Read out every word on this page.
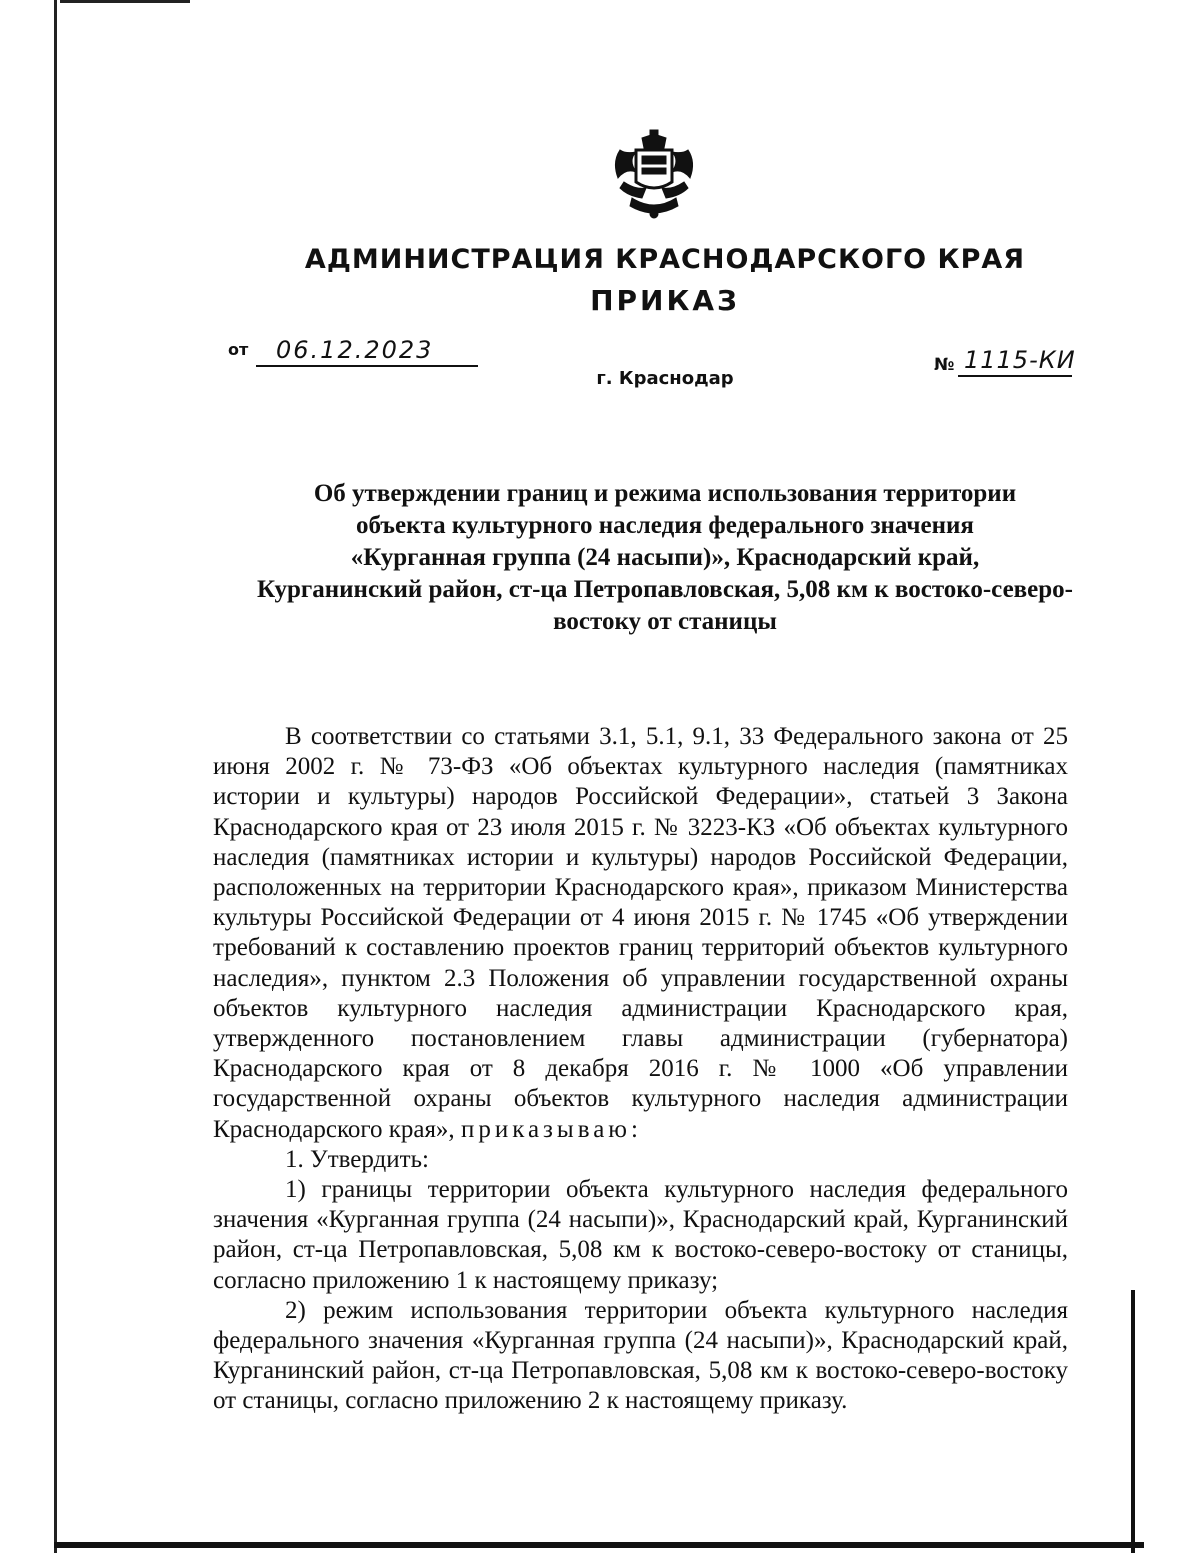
АДМИНИСТРАЦИЯ КРАСНОДАРСКОГО КРАЯ
ПРИКАЗ
от 06.12.2023
г. Краснодар
№ 1115-КИ
Об утверждении границ и режима использования территории
объекта культурного наследия федерального значения
«Курганная группа (24 насыпи)», Краснодарский край,
Курганинский район, ст-ца Петропавловская, 5,08 км к востоко-северо-
востоку от станицы

В соответствии со статьями 3.1, 5.1, 9.1, 33 Федерального закона от 25 июня 2002 г. № 73-ФЗ «Об объектах культурного наследия (памятниках истории и культуры) народов Российской Федерации», статьей 3 Закона Краснодарского края от 23 июля 2015 г. № 3223-КЗ «Об объектах культурного наследия (памятниках истории и культуры) народов Российской Федерации, расположенных на территории Краснодарского края», приказом Министерства культуры Российской Федерации от 4 июня 2015 г. № 1745 «Об утверждении требований к составлению проектов границ территорий объектов культурного наследия», пунктом 2.3 Положения об управлении государственной охраны объектов культурного наследия администрации Краснодарского края, утвержденного постановлением главы администрации (губернатора) Краснодарского края от 8 декабря 2016 г. № 1000 «Об управлении государственной охраны объектов культурного наследия администрации Краснодарского края», приказываю:

1. Утвердить:

1) границы территории объекта культурного наследия федерального значения «Курганная группа (24 насыпи)», Краснодарский край, Курганинский район, ст-ца Петропавловская, 5,08 км к востоко-северо-востоку от станицы, согласно приложению 1 к настоящему приказу;

2) режим использования территории объекта культурного наследия федерального значения «Курганная группа (24 насыпи)», Краснодарский край, Курганинский район, ст-ца Петропавловская, 5,08 км к востоко-северо-востоку от станицы, согласно приложению 2 к настоящему приказу.
